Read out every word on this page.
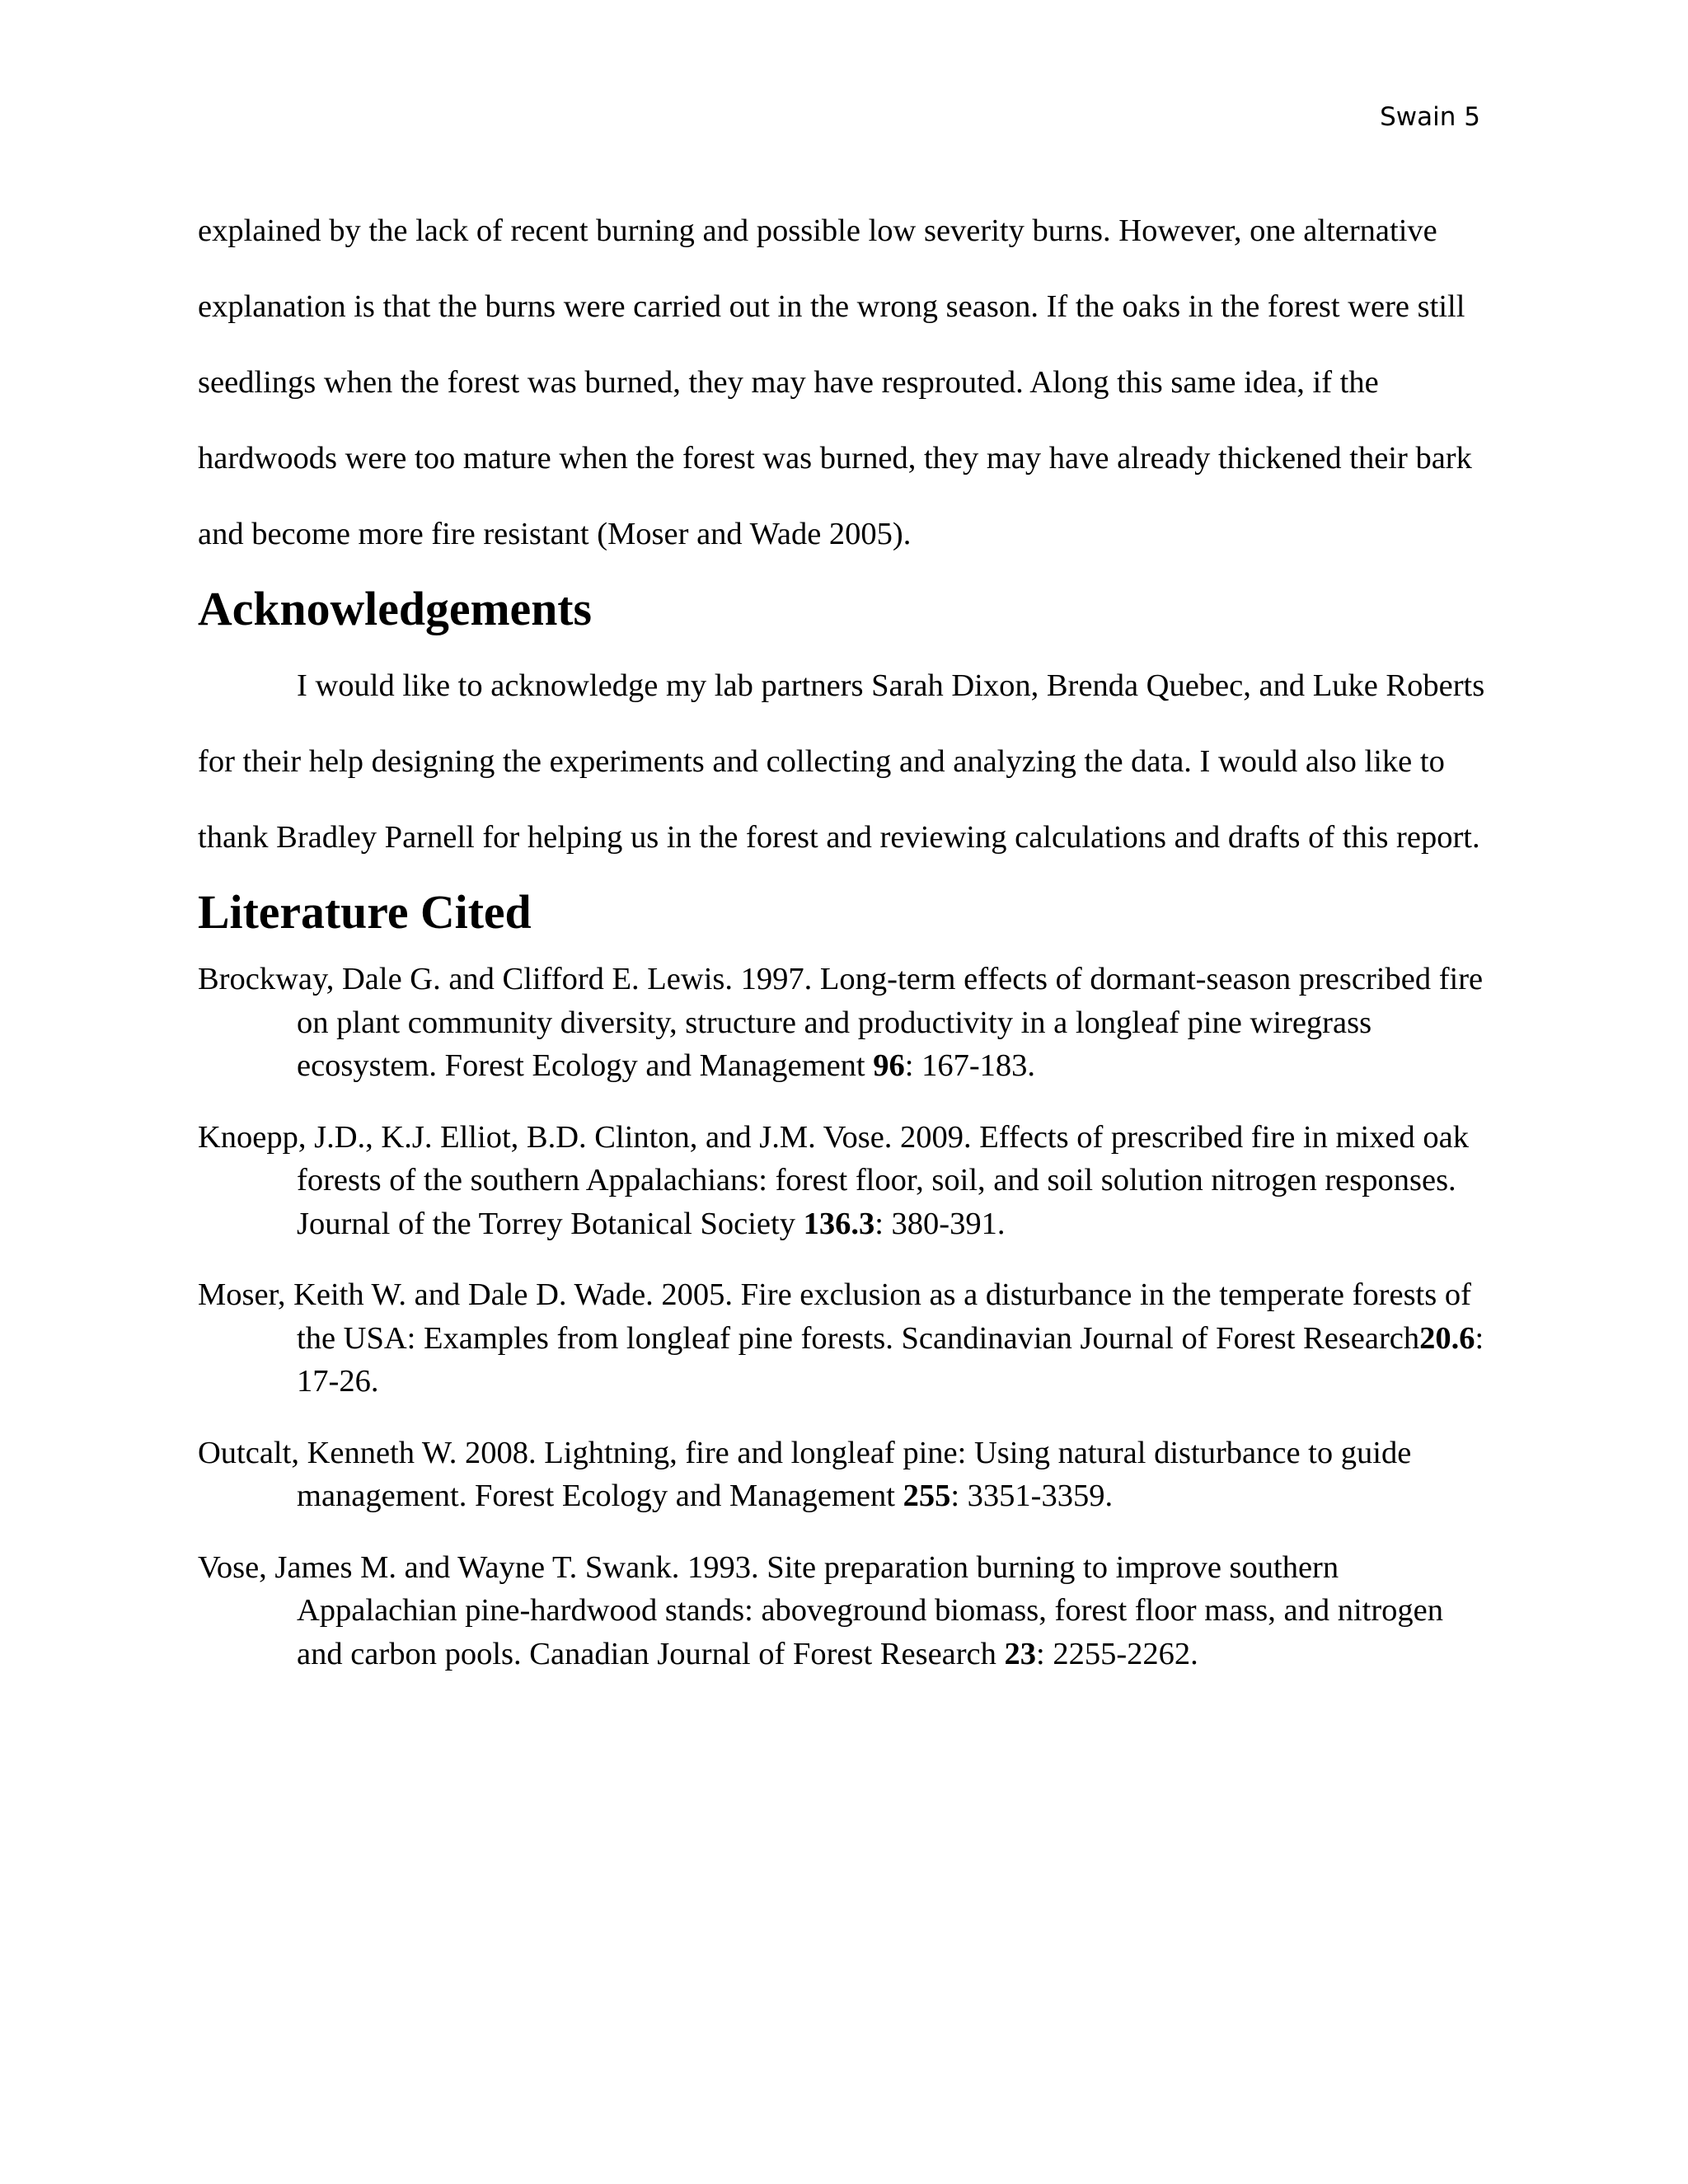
Swain 5

explained by the lack of recent burning and possible low severity burns. However, one alternative explanation is that the burns were carried out in the wrong season. If the oaks in the forest were still seedlings when the forest was burned, they may have resprouted. Along this same idea, if the hardwoods were too mature when the forest was burned, they may have already thickened their bark and become more fire resistant (Moser and Wade 2005).

Acknowledgements

I would like to acknowledge my lab partners Sarah Dixon, Brenda Quebec, and Luke Roberts for their help designing the experiments and collecting and analyzing the data. I would also like to thank Bradley Parnell for helping us in the forest and reviewing calculations and drafts of this report.

Literature Cited

Brockway, Dale G. and Clifford E. Lewis. 1997. Long-term effects of dormant-season prescribed fire on plant community diversity, structure and productivity in a longleaf pine wiregrass ecosystem. Forest Ecology and Management 96: 167-183.

Knoepp, J.D., K.J. Elliot, B.D. Clinton, and J.M. Vose. 2009. Effects of prescribed fire in mixed oak forests of the southern Appalachians: forest floor, soil, and soil solution nitrogen responses. Journal of the Torrey Botanical Society 136.3: 380-391.

Moser, Keith W. and Dale D. Wade. 2005. Fire exclusion as a disturbance in the temperate forests of the USA: Examples from longleaf pine forests. Scandinavian Journal of Forest Research20.6: 17-26.

Outcalt, Kenneth W. 2008. Lightning, fire and longleaf pine: Using natural disturbance to guide management. Forest Ecology and Management 255: 3351-3359.

Vose, James M. and Wayne T. Swank. 1993. Site preparation burning to improve southern Appalachian pine-hardwood stands: aboveground biomass, forest floor mass, and nitrogen and carbon pools. Canadian Journal of Forest Research 23: 2255-2262.
